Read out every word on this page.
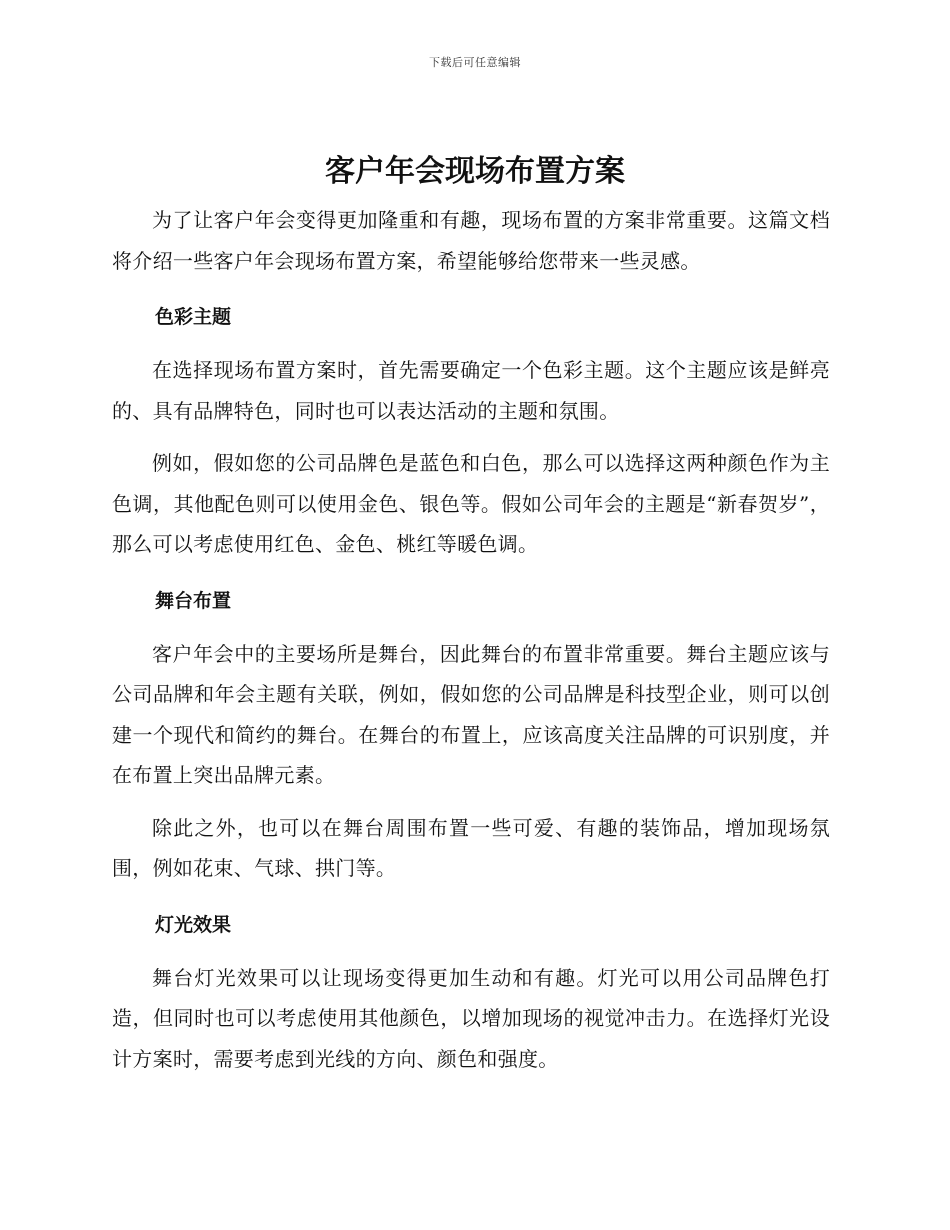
下载后可任意编辑
客户年会现场布置方案

为了让客户年会变得更加隆重和有趣，现场布置的方案非常重要。这篇文档将介绍一些客户年会现场布置方案，希望能够给您带来一些灵感。

色彩主题

在选择现场布置方案时，首先需要确定一个色彩主题。这个主题应该是鲜亮的、具有品牌特色，同时也可以表达活动的主题和氛围。

例如，假如您的公司品牌色是蓝色和白色，那么可以选择这两种颜色作为主色调，其他配色则可以使用金色、银色等。假如公司年会的主题是“新春贺岁”，那么可以考虑使用红色、金色、桃红等暖色调。

舞台布置

客户年会中的主要场所是舞台，因此舞台的布置非常重要。舞台主题应该与公司品牌和年会主题有关联，例如，假如您的公司品牌是科技型企业，则可以创建一个现代和简约的舞台。在舞台的布置上，应该高度关注品牌的可识别度，并在布置上突出品牌元素。

除此之外，也可以在舞台周围布置一些可爱、有趣的装饰品，增加现场氛围，例如花束、气球、拱门等。

灯光效果

舞台灯光效果可以让现场变得更加生动和有趣。灯光可以用公司品牌色打造，但同时也可以考虑使用其他颜色，以增加现场的视觉冲击力。在选择灯光设计方案时，需要考虑到光线的方向、颜色和强度。
